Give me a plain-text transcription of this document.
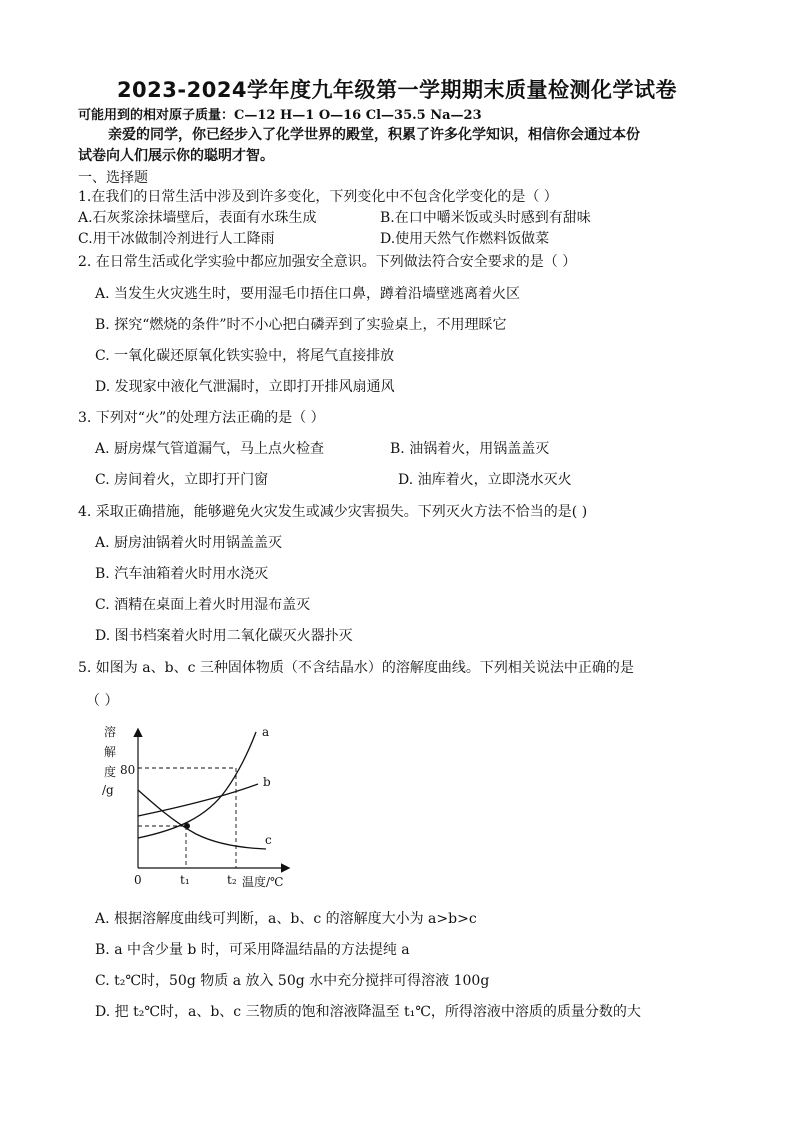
2023-2024学年度九年级第一学期期末质量检测化学试卷
可能用到的相对原子质量：C—12 H—1 O—16 Cl—35.5 Na—23
亲爱的同学，你已经步入了化学世界的殿堂，积累了许多化学知识，相信你会通过本份
试卷向人们展示你的聪明才智。
一、选择题
1.在我们的日常生活中涉及到许多变化，下列变化中不包含化学变化的是（ ）
A.石灰浆涂抹墙壁后，表面有水珠生成	B.在口中嚼米饭或头时感到有甜味
C.用干冰做制冷剂进行人工降雨	D.使用天然气作燃料饭做菜
2. 在日常生活或化学实验中都应加强安全意识。下列做法符合安全要求的是（ ）
A. 当发生火灾逃生时，要用湿毛巾捂住口鼻，蹲着沿墙壁逃离着火区
B. 探究“燃烧的条件”时不小心把白磷弄到了实验桌上，不用理睬它
C. 一氧化碳还原氧化铁实验中，将尾气直接排放
D. 发现家中液化气泄漏时，立即打开排风扇通风
3. 下列对“火”的处理方法正确的是（ ）
A. 厨房煤气管道漏气，马上点火检查	B. 油锅着火，用锅盖盖灭
C. 房间着火，立即打开门窗	D. 油库着火，立即浇水灭火
4. 采取正确措施，能够避免火灾发生或减少灾害损失。下列灭火方法不恰当的是( )
A. 厨房油锅着火时用锅盖盖灭
B. 汽车油箱着火时用水浇灭
C. 酒精在桌面上着火时用湿布盖灭
D. 图书档案着火时用二氧化碳灭火器扑灭
5. 如图为 a、b、c 三种固体物质（不含结晶水）的溶解度曲线。下列相关说法中正确的是
（ ）
溶
解
度
/g
80
a
b
c
0	t₁	t₂ 温度/℃
A. 根据溶解度曲线可判断，a、b、c 的溶解度大小为 a>b>c
B. a 中含少量 b 时，可采用降温结晶的方法提纯 a
C. t₂℃时，50g 物质 a 放入 50g 水中充分搅拌可得溶液 100g
D. 把 t₂℃时，a、b、c 三物质的饱和溶液降温至 t₁℃，所得溶液中溶质的质量分数的大
